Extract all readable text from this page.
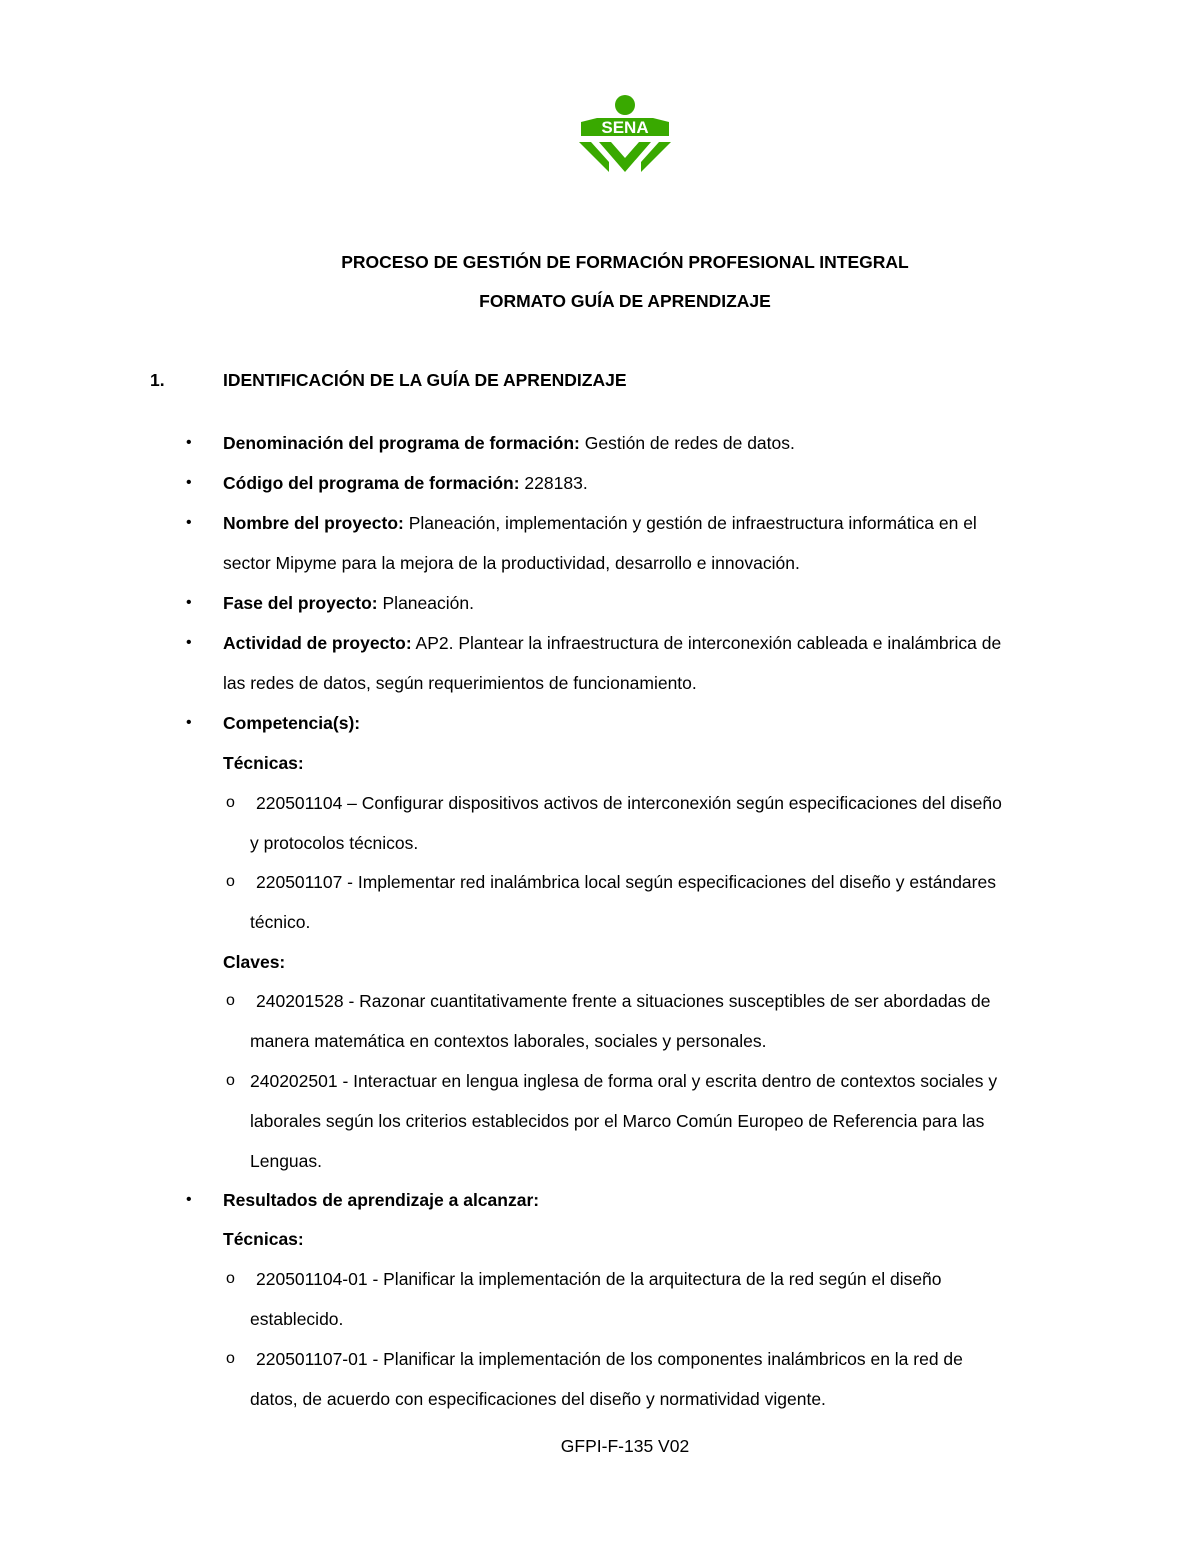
SENA
PROCESO DE GESTIÓN DE FORMACIÓN PROFESIONAL INTEGRAL
FORMATO GUÍA DE APRENDIZAJE
1.	IDENTIFICACIÓN DE LA GUÍA DE APRENDIZAJE
• Denominación del programa de formación: Gestión de redes de datos.
• Código del programa de formación: 228183.
• Nombre del proyecto: Planeación, implementación y gestión de infraestructura informática en el
sector Mipyme para la mejora de la productividad, desarrollo e innovación.
• Fase del proyecto: Planeación.
• Actividad de proyecto: AP2. Plantear la infraestructura de interconexión cableada e inalámbrica de
las redes de datos, según requerimientos de funcionamiento.
• Competencia(s):
Técnicas:
o 220501104 – Configurar dispositivos activos de interconexión según especificaciones del diseño
y protocolos técnicos.
o 220501107 - Implementar red inalámbrica local según especificaciones del diseño y estándares
técnico.
Claves:
o 240201528 - Razonar cuantitativamente frente a situaciones susceptibles de ser abordadas de
manera matemática en contextos laborales, sociales y personales.
o 240202501 - Interactuar en lengua inglesa de forma oral y escrita dentro de contextos sociales y
laborales según los criterios establecidos por el Marco Común Europeo de Referencia para las
Lenguas.
• Resultados de aprendizaje a alcanzar:
Técnicas:
o 220501104-01 - Planificar la implementación de la arquitectura de la red según el diseño
establecido.
o 220501107-01 - Planificar la implementación de los componentes inalámbricos en la red de
datos, de acuerdo con especificaciones del diseño y normatividad vigente.
GFPI-F-135 V02
